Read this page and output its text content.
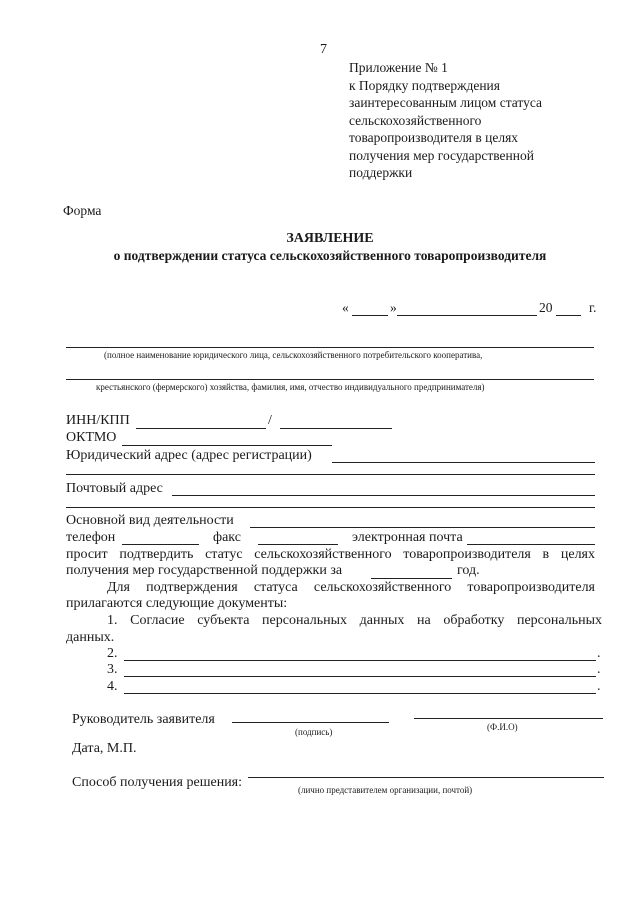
7
Приложение № 1
к Порядку подтверждения
заинтересованным лицом статуса
сельскохозяйственного
товаропроизводителя в целях
получения мер государственной
поддержки
Форма
ЗАЯВЛЕНИЕ
о подтверждении статуса сельскохозяйственного товаропроизводителя
«	»	20	г.
(полное наименование юридического лица, сельскохозяйственного потребительского кооператива,
крестьянского (фермерского) хозяйства, фамилия, имя, отчество индивидуального предпринимателя)
ИНН/КПП	/
ОКТМО
Юридический адрес (адрес регистрации)
Почтовый адрес
Основной вид деятельности
телефон	факс	электронная почта
просит подтвердить статус сельскохозяйственного товаропроизводителя в целях
получения мер государственной поддержки за	год.
Для подтверждения статуса сельскохозяйственного товаропроизводителя
прилагаются следующие документы:
1. Согласие субъекта персональных данных на обработку персональных
данных.
2.	.
3.	.
4.	.
Руководитель заявителя
(подпись)	(Ф.И.О)
Дата, М.П.
Способ получения решения:	(лично представителем организации, почтой)
